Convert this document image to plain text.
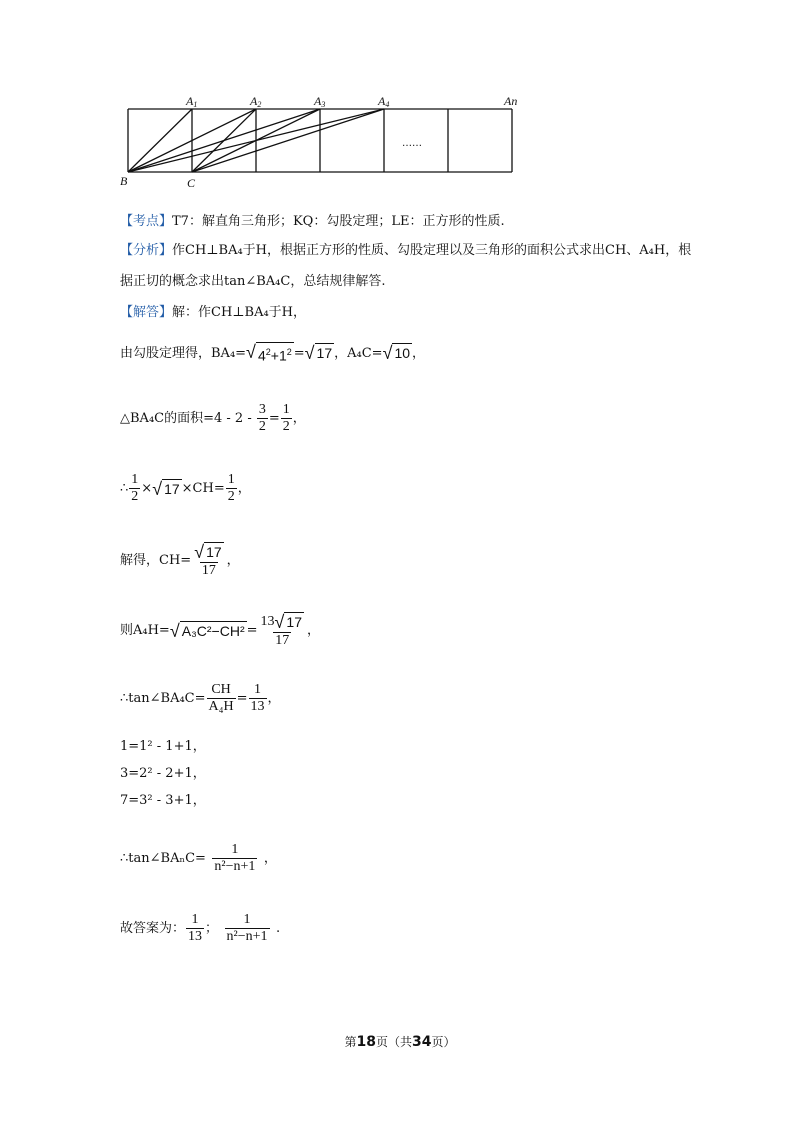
A1	A2	A3	A4	An
B	C
……
【考点】T7：解直角三角形；KQ：勾股定理；LE：正方形的性质.
【分析】作CH⊥BA₄于H，根据正方形的性质、勾股定理以及三角形的面积公式求出CH、A₄H，根
据正切的概念求出tan∠BA₄C，总结规律解答.
【解答】解：作CH⊥BA₄于H，
由勾股定理得，BA₄= √ $4^2+1^2$ = √ 17 ，A₄C= √ 10 ，
△BA₄C的面积$=4 - 2 - \frac{3}{2} = \frac{1}{2}$ ，
∴ $\frac{1}{2}$ × √ $17 \times CH= \frac{1}{2}$ ，
解得，$CH= \frac{√ 17}{17}$ ，
则A₄H= √ $A_3C^2-CH^2 = \frac{13 √ 17}{17}$ ，
∴tan∠BA₄C= $\frac{CH}{\text{A₄H}} = \frac{1}{13}$ ，
1=1² - 1+1，
3=2² - 2+1，
7=3² - 3+1，
∴tan∠BAₙC= $\frac{1}{\text{n²−n+1}}$ ，
故答案为： $\frac{1}{13}$ ； $\frac{1}{\text{n²−n+1}}$ .
第18页（共34页）
